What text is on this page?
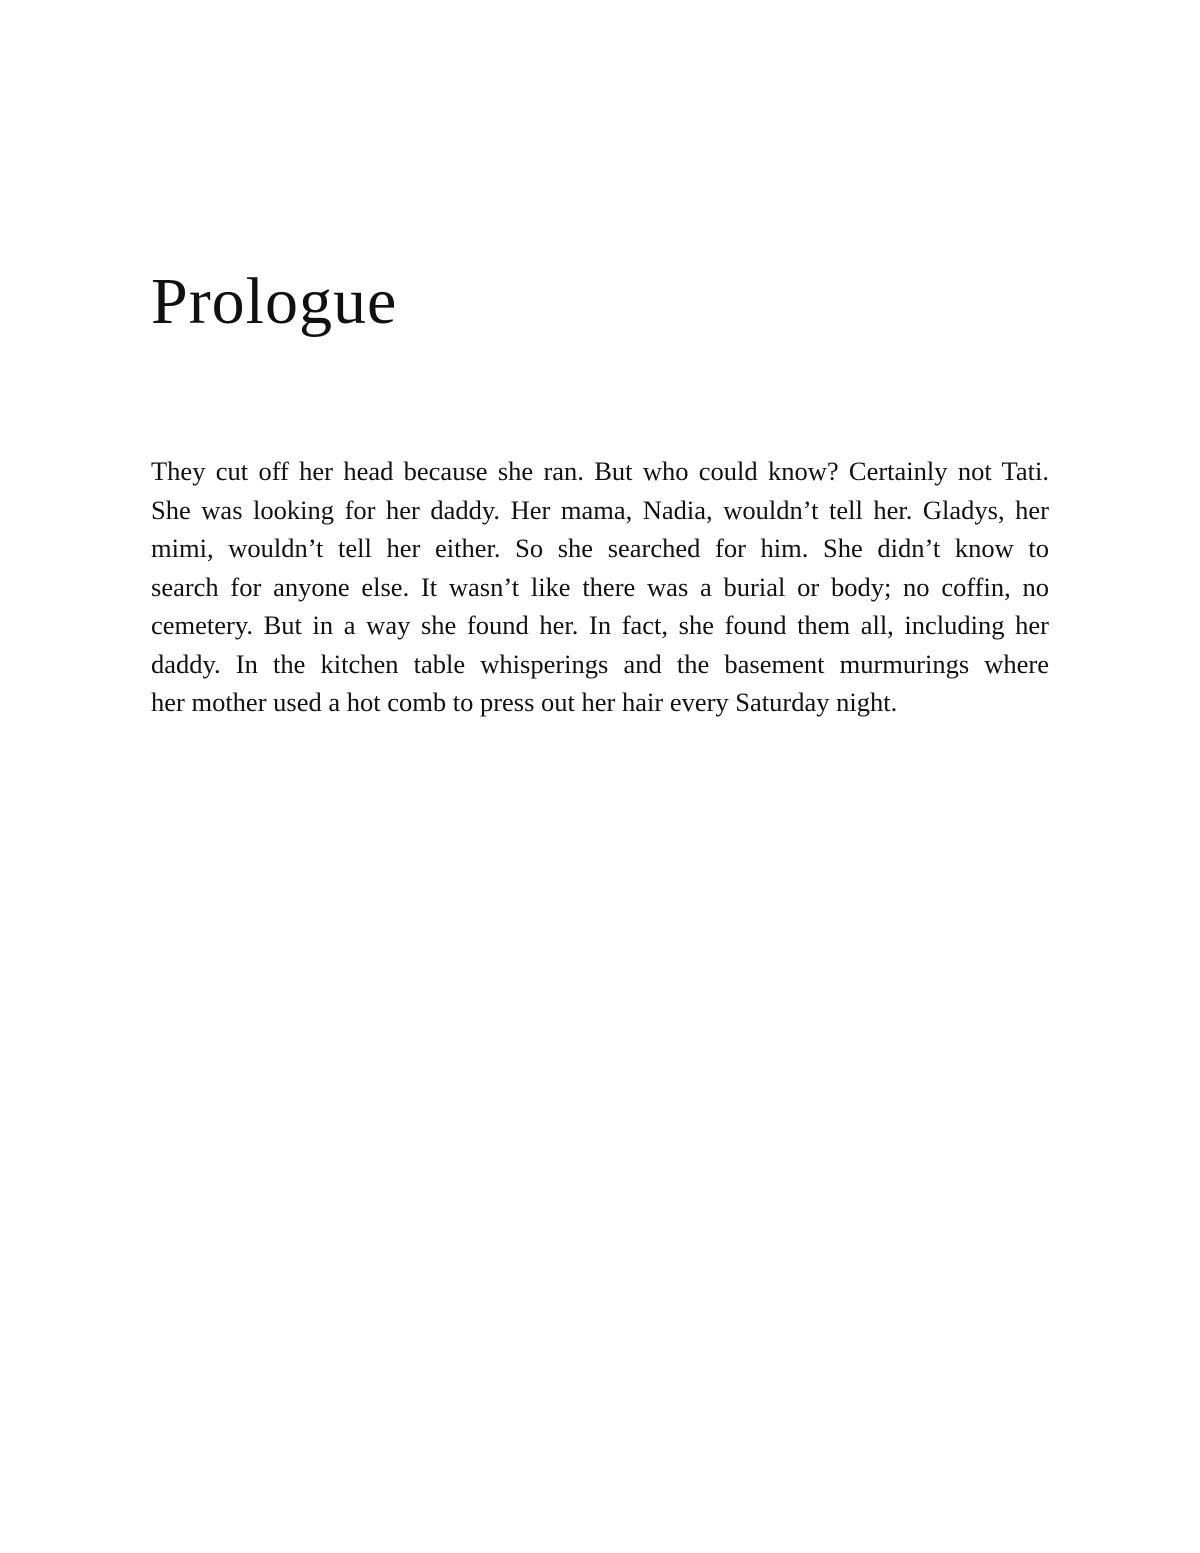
Prologue
They cut off her head because she ran. But who could know? Certainly not Tati.
She was looking for her daddy. Her mama, Nadia, wouldn’t tell her. Gladys, her
mimi, wouldn’t tell her either. So she searched for him. She didn’t know to
search for anyone else. It wasn’t like there was a burial or body; no coffin, no
cemetery. But in a way she found her. In fact, she found them all, including her
daddy. In the kitchen table whisperings and the basement murmurings where
her mother used a hot comb to press out her hair every Saturday night.
